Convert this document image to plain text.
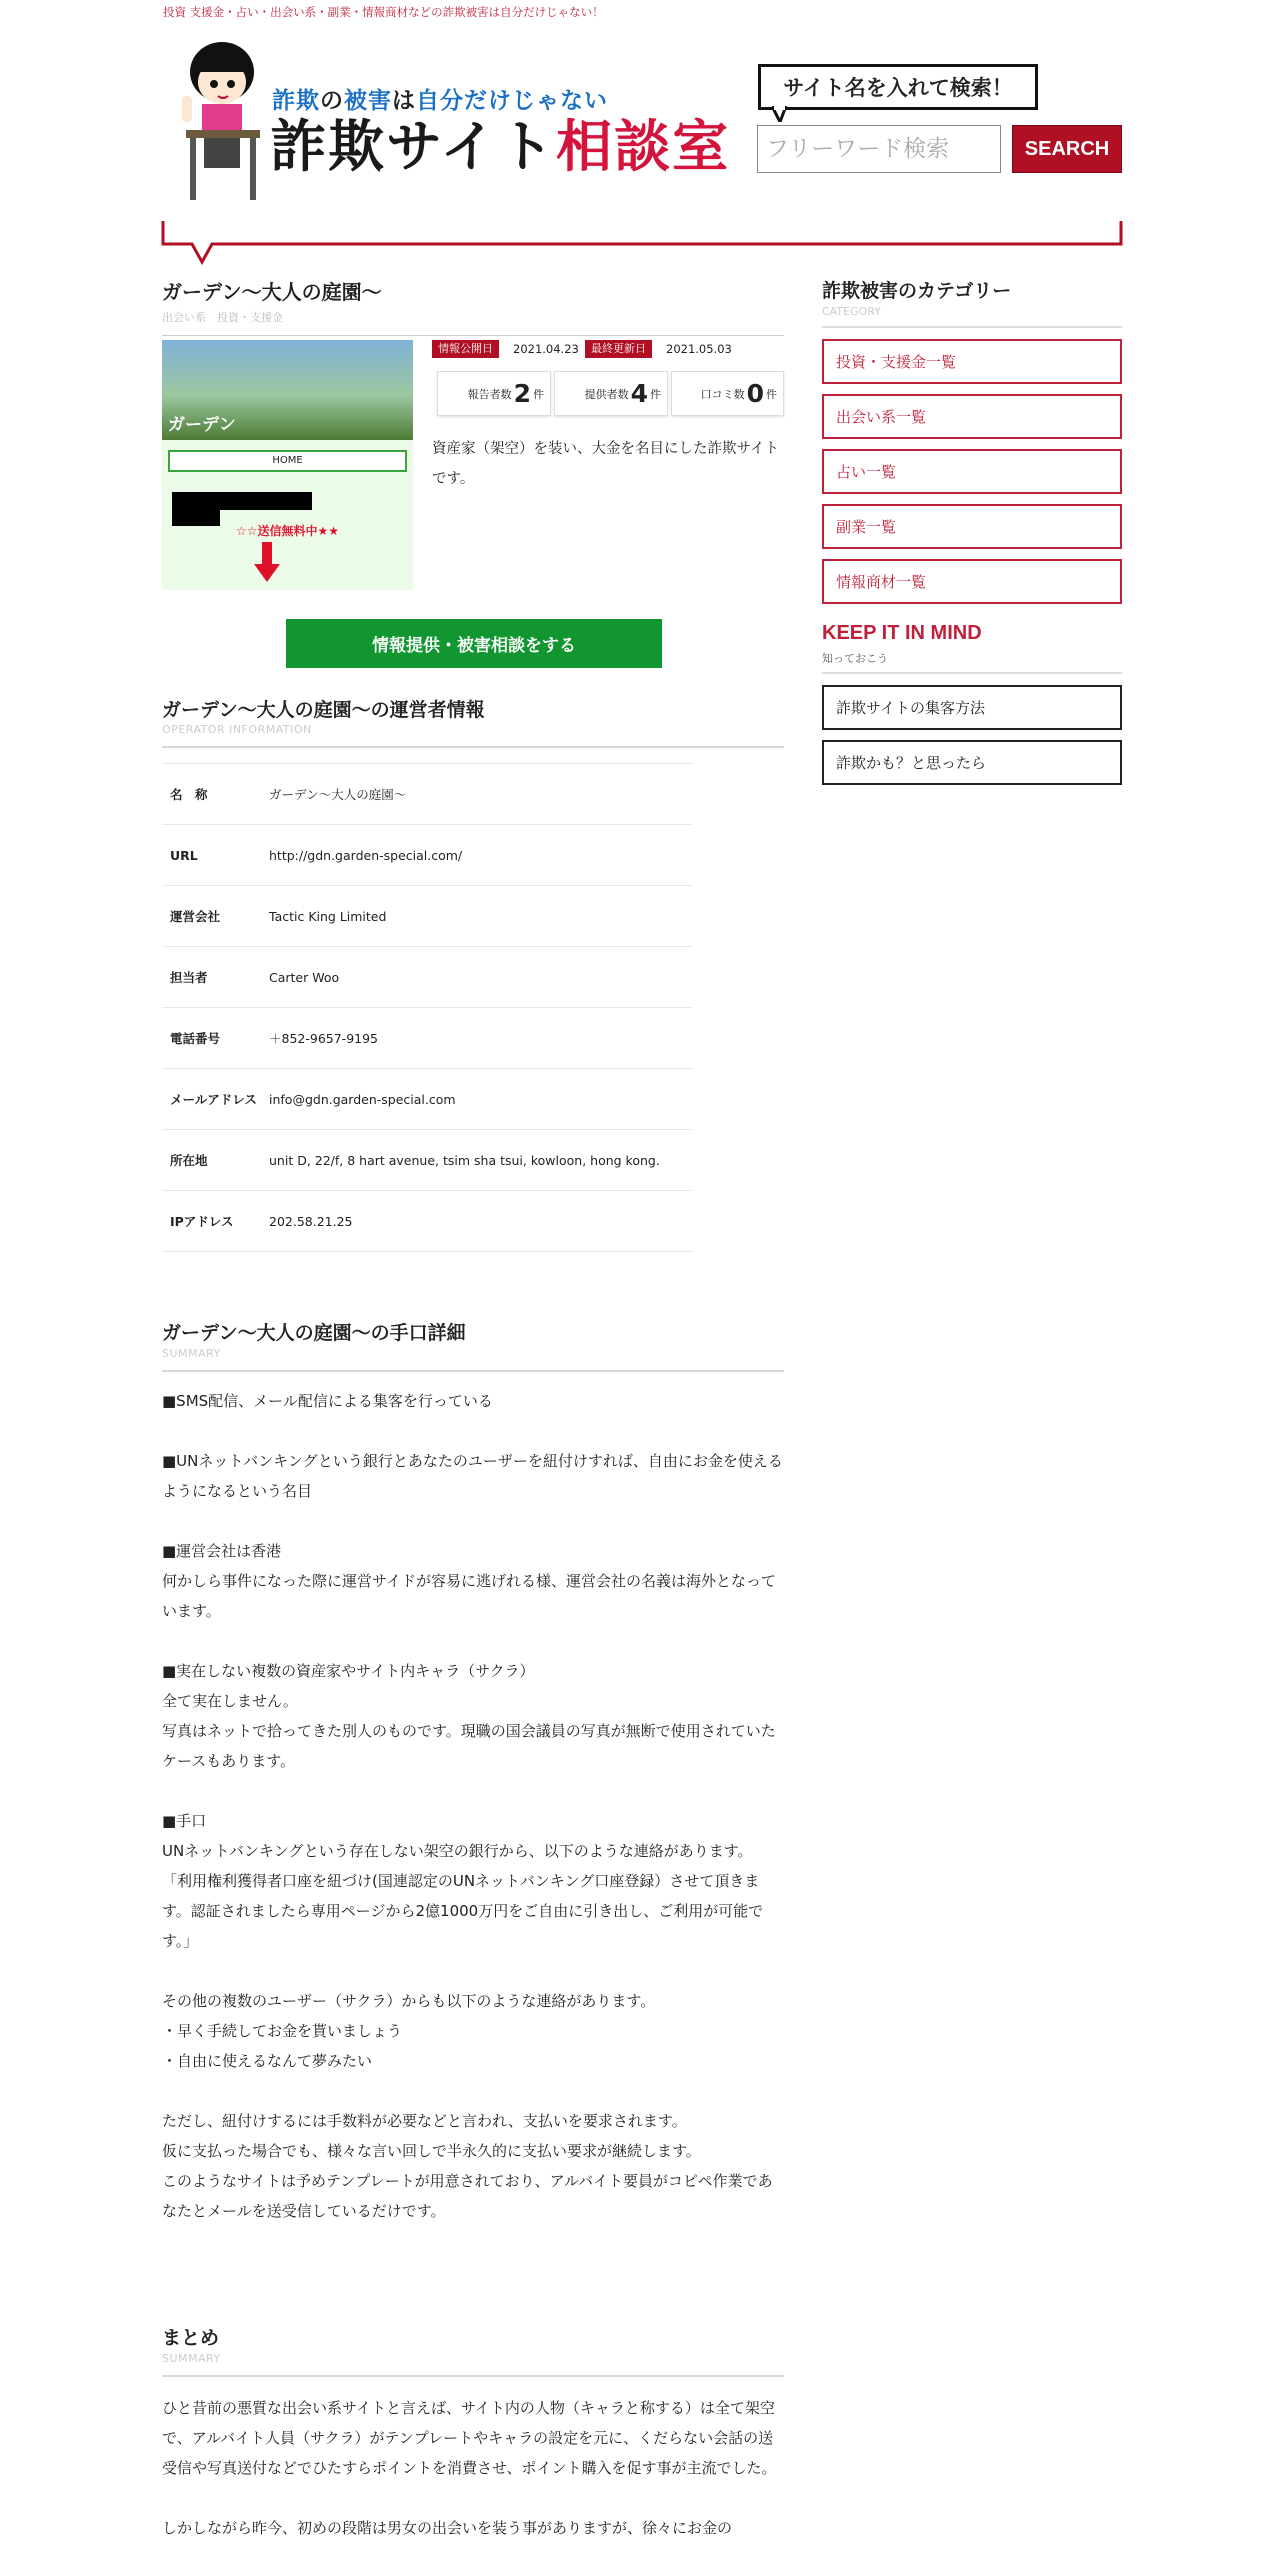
投資 支援金・占い・出会い系・副業・情報商材などの詐欺被害は自分だけじゃない！
詐欺の被害は自分だけじゃない
詐欺サイト相談室
サイト名を入れて検索！
フリーワード検索
SEARCH
ガーデン〜大人の庭園〜
出会い系　投資・支援金
ガーデン
HOME
☆☆送信無料中★★
情報公開日	2021.04.23	最終更新日	2021.05.03
報告者数 2 件	提供者数 4 件	口コミ数 0 件
資産家（架空）を装い、大金を名目にした詐欺サイトです。
情報提供・被害相談をする
ガーデン〜大人の庭園〜の運営者情報
OPERATOR INFORMATION
名　称	ガーデン〜大人の庭園〜
URL	http://gdn.garden-special.com/
運営会社	Tactic King Limited
担当者	Carter Woo
電話番号	＋852-9657-9195
メールアドレス	info@gdn.garden-special.com
所在地	unit D, 22/f, 8 hart avenue, tsim sha tsui, kowloon, hong kong.
IPアドレス	202.58.21.25
ガーデン〜大人の庭園〜の手口詳細
SUMMARY

■SMS配信、メール配信による集客を行っている

■UNネットバンキングという銀行とあなたのユーザーを紐付けすれば、自由にお金を使えるようになるという名目

■運営会社は香港

何かしら事件になった際に運営サイドが容易に逃げれる様、運営会社の名義は海外となっています。

■実在しない複数の資産家やサイト内キャラ（サクラ）

全て実在しません。

写真はネットで拾ってきた別人のものです。現職の国会議員の写真が無断で使用されていたケースもあります。

■手口

UNネットバンキングという存在しない架空の銀行から、以下のような連絡があります。

「利用権利獲得者口座を紐づけ(国連認定のUNネットバンキング口座登録）させて頂きます。認証されましたら専用ページから2億1000万円をご自由に引き出し、ご利用が可能です。」

その他の複数のユーザー（サクラ）からも以下のような連絡があります。

・早く手続してお金を貰いましょう

・自由に使えるなんて夢みたい

ただし、紐付けするには手数料が必要などと言われ、支払いを要求されます。

仮に支払った場合でも、様々な言い回しで半永久的に支払い要求が継続します。

このようなサイトは予めテンプレートが用意されており、アルバイト要員がコピペ作業であなたとメールを送受信しているだけです。

まとめ
SUMMARY

ひと昔前の悪質な出会い系サイトと言えば、サイト内の人物（キャラと称する）は全て架空で、アルバイト人員（サクラ）がテンプレートやキャラの設定を元に、くだらない会話の送受信や写真送付などでひたすらポイントを消費させ、ポイント購入を促す事が主流でした。

しかしながら昨今、初めの段階は男女の出会いを装う事がありますが、徐々にお金の

詐欺被害のカテゴリー
CATEGORY
投資・支援金一覧
出会い系一覧
占い一覧
副業一覧
情報商材一覧
KEEP IT IN MIND
知っておこう
詐欺サイトの集客方法
詐欺かも？と思ったら
